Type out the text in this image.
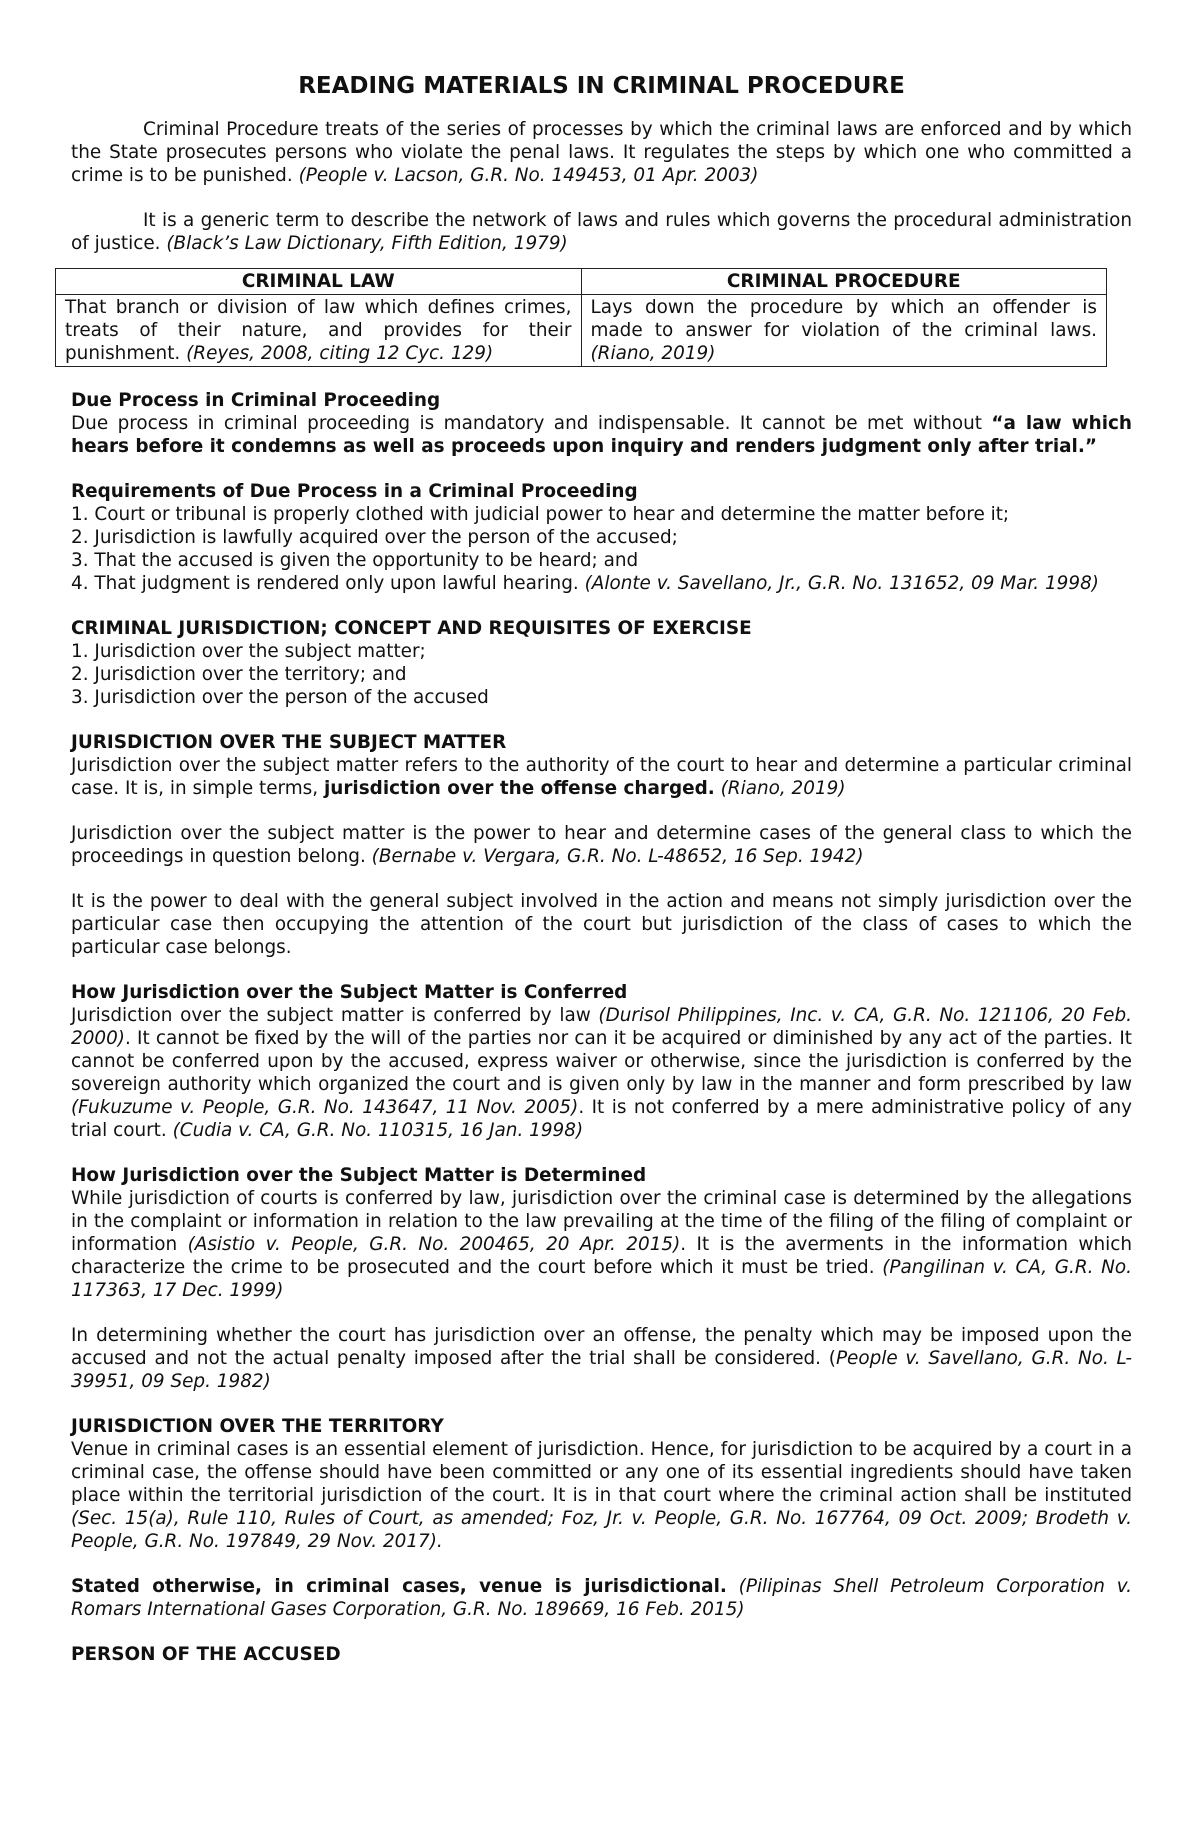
READING MATERIALS IN CRIMINAL PROCEDURE

Criminal Procedure treats of the series of processes by which the criminal laws are enforced and by which the State prosecutes persons who violate the penal laws. It regulates the steps by which one who committed a crime is to be punished. (People v. Lacson, G.R. No. 149453, 01 Apr. 2003)

It is a generic term to describe the network of laws and rules which governs the procedural administration of justice. (Black’s Law Dictionary, Fifth Edition, 1979)

CRIMINAL LAW	CRIMINAL PROCEDURE
That branch or division of law which defines crimes, treats of their nature, and provides for their punishment. (Reyes, 2008, citing 12 Cyc. 129)	Lays down the procedure by which an offender is made to answer for violation of the criminal laws. (Riano, 2019)

Due Process in Criminal Proceeding

Due process in criminal proceeding is mandatory and indispensable. It cannot be met without “a law which hears before it condemns as well as proceeds upon inquiry and renders judgment only after trial.”

Requirements of Due Process in a Criminal Proceeding

1. Court or tribunal is properly clothed with judicial power to hear and determine the matter before it;

2. Jurisdiction is lawfully acquired over the person of the accused;

3. That the accused is given the opportunity to be heard; and

4. That judgment is rendered only upon lawful hearing. (Alonte v. Savellano, Jr., G.R. No. 131652, 09 Mar. 1998)

CRIMINAL JURISDICTION; CONCEPT AND REQUISITES OF EXERCISE

1. Jurisdiction over the subject matter;

2. Jurisdiction over the territory; and

3. Jurisdiction over the person of the accused

JURISDICTION OVER THE SUBJECT MATTER

Jurisdiction over the subject matter refers to the authority of the court to hear and determine a particular criminal case. It is, in simple terms, jurisdiction over the offense charged. (Riano, 2019)

Jurisdiction over the subject matter is the power to hear and determine cases of the general class to which the proceedings in question belong. (Bernabe v. Vergara, G.R. No. L-48652, 16 Sep. 1942)

It is the power to deal with the general subject involved in the action and means not simply jurisdiction over the particular case then occupying the attention of the court but jurisdiction of the class of cases to which the particular case belongs.

How Jurisdiction over the Subject Matter is Conferred

Jurisdiction over the subject matter is conferred by law (Durisol Philippines, Inc. v. CA, G.R. No. 121106, 20 Feb. 2000). It cannot be fixed by the will of the parties nor can it be acquired or diminished by any act of the parties. It cannot be conferred upon by the accused, express waiver or otherwise, since the jurisdiction is conferred by the sovereign authority which organized the court and is given only by law in the manner and form prescribed by law (Fukuzume v. People, G.R. No. 143647, 11 Nov. 2005). It is not conferred by a mere administrative policy of any trial court. (Cudia v. CA, G.R. No. 110315, 16 Jan. 1998)

How Jurisdiction over the Subject Matter is Determined

While jurisdiction of courts is conferred by law, jurisdiction over the criminal case is determined by the allegations in the complaint or information in relation to the law prevailing at the time of the filing of the filing of complaint or information (Asistio v. People, G.R. No. 200465, 20 Apr. 2015). It is the averments in the information which characterize the crime to be prosecuted and the court before which it must be tried. (Pangilinan v. CA, G.R. No. 117363, 17 Dec. 1999)

In determining whether the court has jurisdiction over an offense, the penalty which may be imposed upon the accused and not the actual penalty imposed after the trial shall be considered. (People v. Savellano, G.R. No. L-39951, 09 Sep. 1982)

JURISDICTION OVER THE TERRITORY

Venue in criminal cases is an essential element of jurisdiction. Hence, for jurisdiction to be acquired by a court in a criminal case, the offense should have been committed or any one of its essential ingredients should have taken place within the territorial jurisdiction of the court. It is in that court where the criminal action shall be instituted (Sec. 15(a), Rule 110, Rules of Court, as amended; Foz, Jr. v. People, G.R. No. 167764, 09 Oct. 2009; Brodeth v. People, G.R. No. 197849, 29 Nov. 2017).

Stated otherwise, in criminal cases, venue is jurisdictional. (Pilipinas Shell Petroleum Corporation v. Romars International Gases Corporation, G.R. No. 189669, 16 Feb. 2015)

PERSON OF THE ACCUSED
